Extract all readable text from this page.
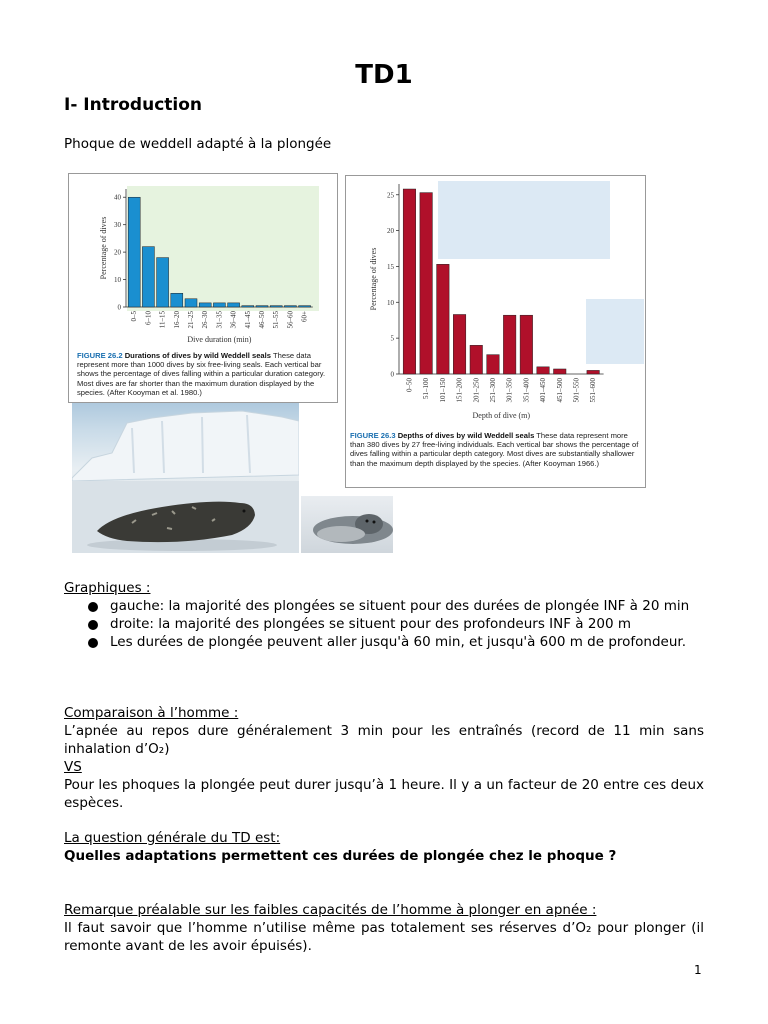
TD1
I- Introduction
Phoque de weddell adapté à la plongée
0
10
20
30
40
0–5 6–10 11–15 16–20 21–25 26–30 31–35 36–40 41–45 46–50 51–55 56–60 60+
Dive duration (min)
Percentage of dives
FIGURE 26.2 Durations of dives by wild Weddell seals These data represent more than 1000 dives by six free-living seals. Each vertical bar shows the percentage of dives falling within a particular duration category. Most dives are far shorter than the maximum duration displayed by the species. (After Kooyman et al. 1980.)
0
5
10
15
20
25
0–50 51–100 101–150 151–200 201–250 251–300 301–350 351–400 401–450 451–500 501–550 551–600
Depth of dive (m)
Percentage of dives
FIGURE 26.3 Depths of dives by wild Weddell seals These data represent more than 380 dives by 27 free-living individuals. Each vertical bar shows the percentage of dives falling within a particular depth category. Most dives are substantially shallower than the maximum depth displayed by the species. (After Kooyman 1966.)
Graphiques :
gauche: la majorité des plongées se situent pour des durées de plongée INF à 20 min
droite: la majorité des plongées se situent pour des profondeurs INF à 200 m
Les durées de plongée peuvent aller jusqu'à 60 min, et jusqu'à 600 m de profondeur.
Comparaison à l’homme :
L’apnée au repos dure généralement 3 min pour les entraînés (record de 11 min sans inhalation d’O₂)
VS
Pour les phoques la plongée peut durer jusqu’à 1 heure. Il y a un facteur de 20 entre ces deux espèces.
La question générale du TD est:
Quelles adaptations permettent ces durées de plongée chez le phoque ?
Remarque préalable sur les faibles capacités de l’homme à plonger en apnée :
Il faut savoir que l’homme n’utilise même pas totalement ses réserves d’O₂ pour plonger (il remonte avant de les avoir épuisés).
1
